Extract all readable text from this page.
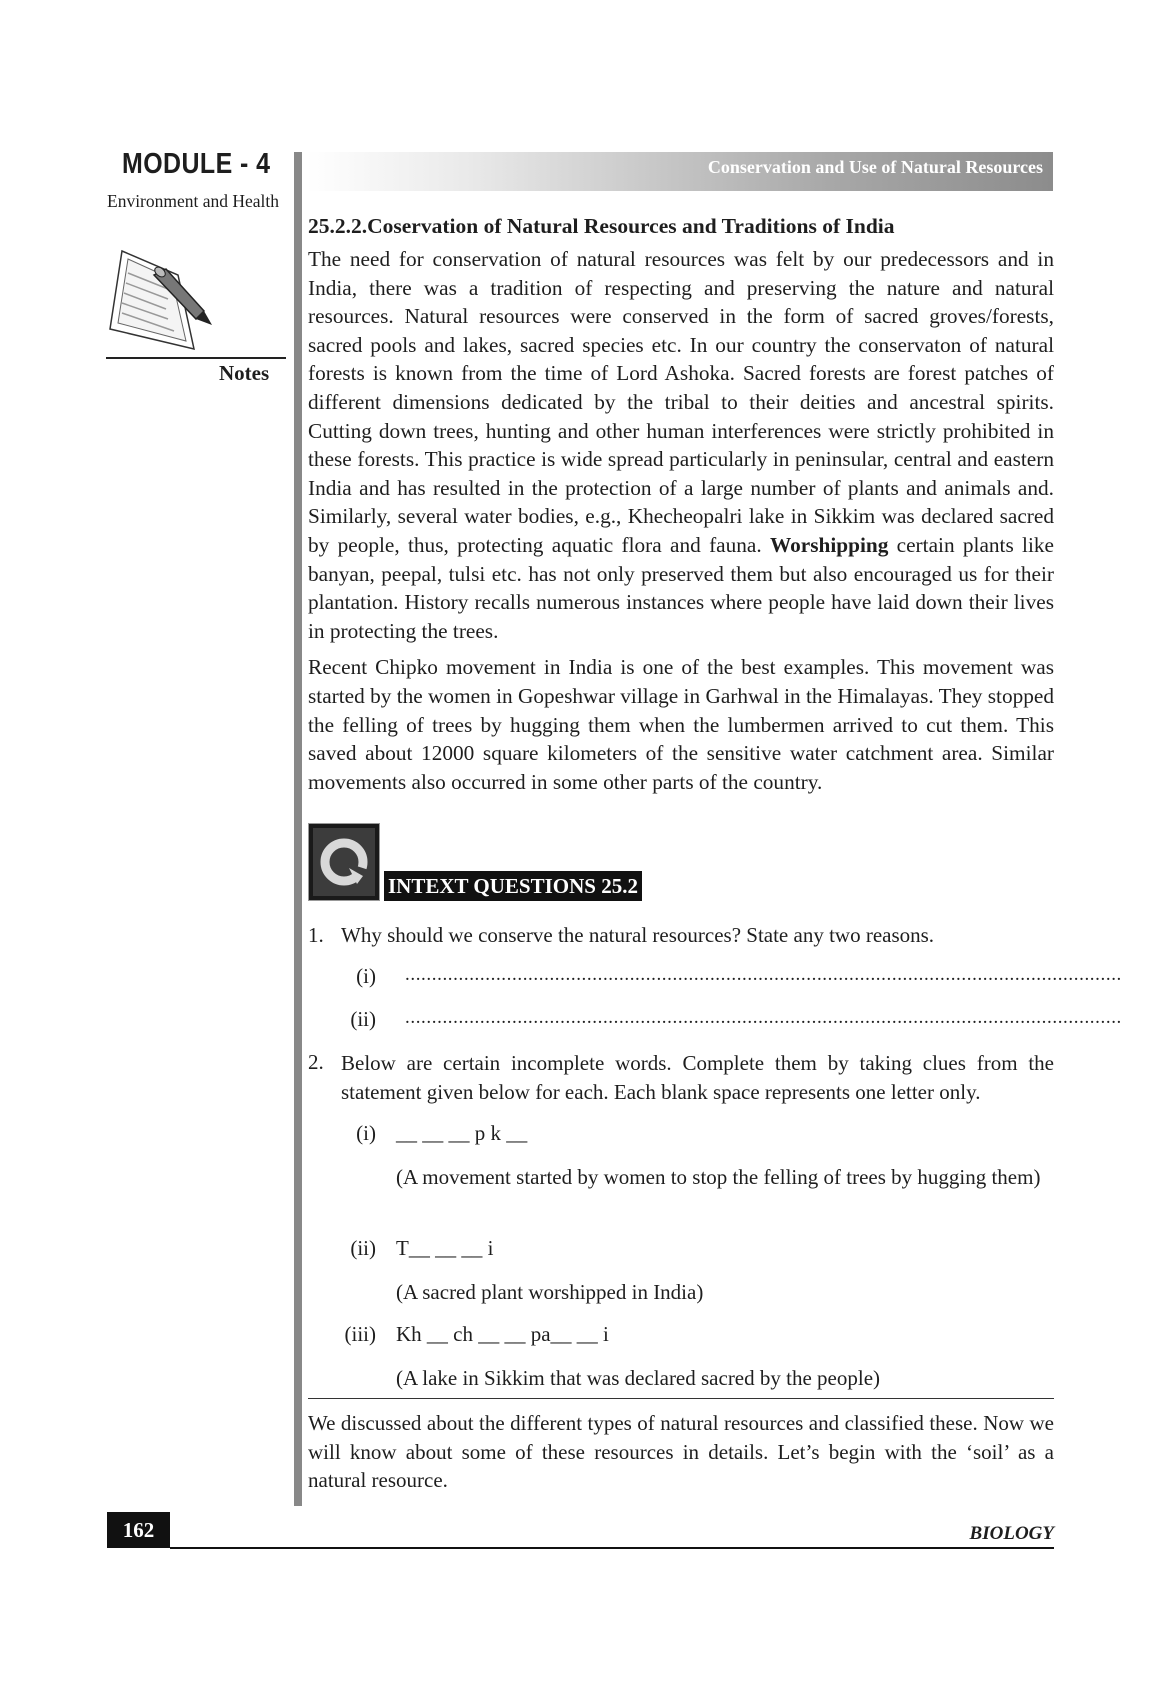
MODULE - 4
Environment and Health
Notes
Conservation and Use of Natural Resources
25.2.2.Coservation of Natural Resources and Traditions of India

The need for conservation of natural resources was felt by our predecessors and in India, there was a tradition of respecting and preserving the nature and natural resources. Natural resources were conserved in the form of sacred groves/forests, sacred pools and lakes, sacred species etc. In our country the conservaton of natural forests is known from the time of Lord Ashoka. Sacred forests are forest patches of different dimensions dedicated by the tribal to their deities and ancestral spirits. Cutting down trees, hunting and other human interferences were strictly prohibited in these forests. This practice is wide spread particularly in peninsular, central and eastern India and has resulted in the protection of a large number of plants and animals and. Similarly, several water bodies, e.g., Khecheopalri lake in Sikkim was declared sacred by people, thus, protecting aquatic flora and fauna. Worshipping certain plants like banyan, peepal, tulsi etc. has not only preserved them but also encouraged us for their plantation. History recalls numerous instances where people have laid down their lives in protecting the trees.

Recent Chipko movement in India is one of the best examples. This movement was started by the women in Gopeshwar village in Garhwal in the Himalayas. They stopped the felling of trees by hugging them when the lumbermen arrived to cut them. This saved about 12000 square kilometers of the sensitive water catchment area. Similar movements also occurred in some other parts of the country.

INTEXT QUESTIONS 25.2
1. Why should we conserve the natural resources? State any two reasons.
(i) ......................................................................................................................................
(ii) ......................................................................................................................................
2. Below are certain incomplete words. Complete them by taking clues from the statement given below for each. Each blank space represents one letter only.
(i) __ __ __ p k __
(A movement started by women to stop the felling of trees by hugging them)
(ii) T__ __ __ i
(A sacred plant worshipped in India)
(iii) Kh __ ch __ __ pa__ __ i
(A lake in Sikkim that was declared sacred by the people)
We discussed about the different types of natural resources and classified these. Now we will know about some of these resources in details. Let’s begin with the ‘soil’ as a natural resource.
162	BIOLOGY
